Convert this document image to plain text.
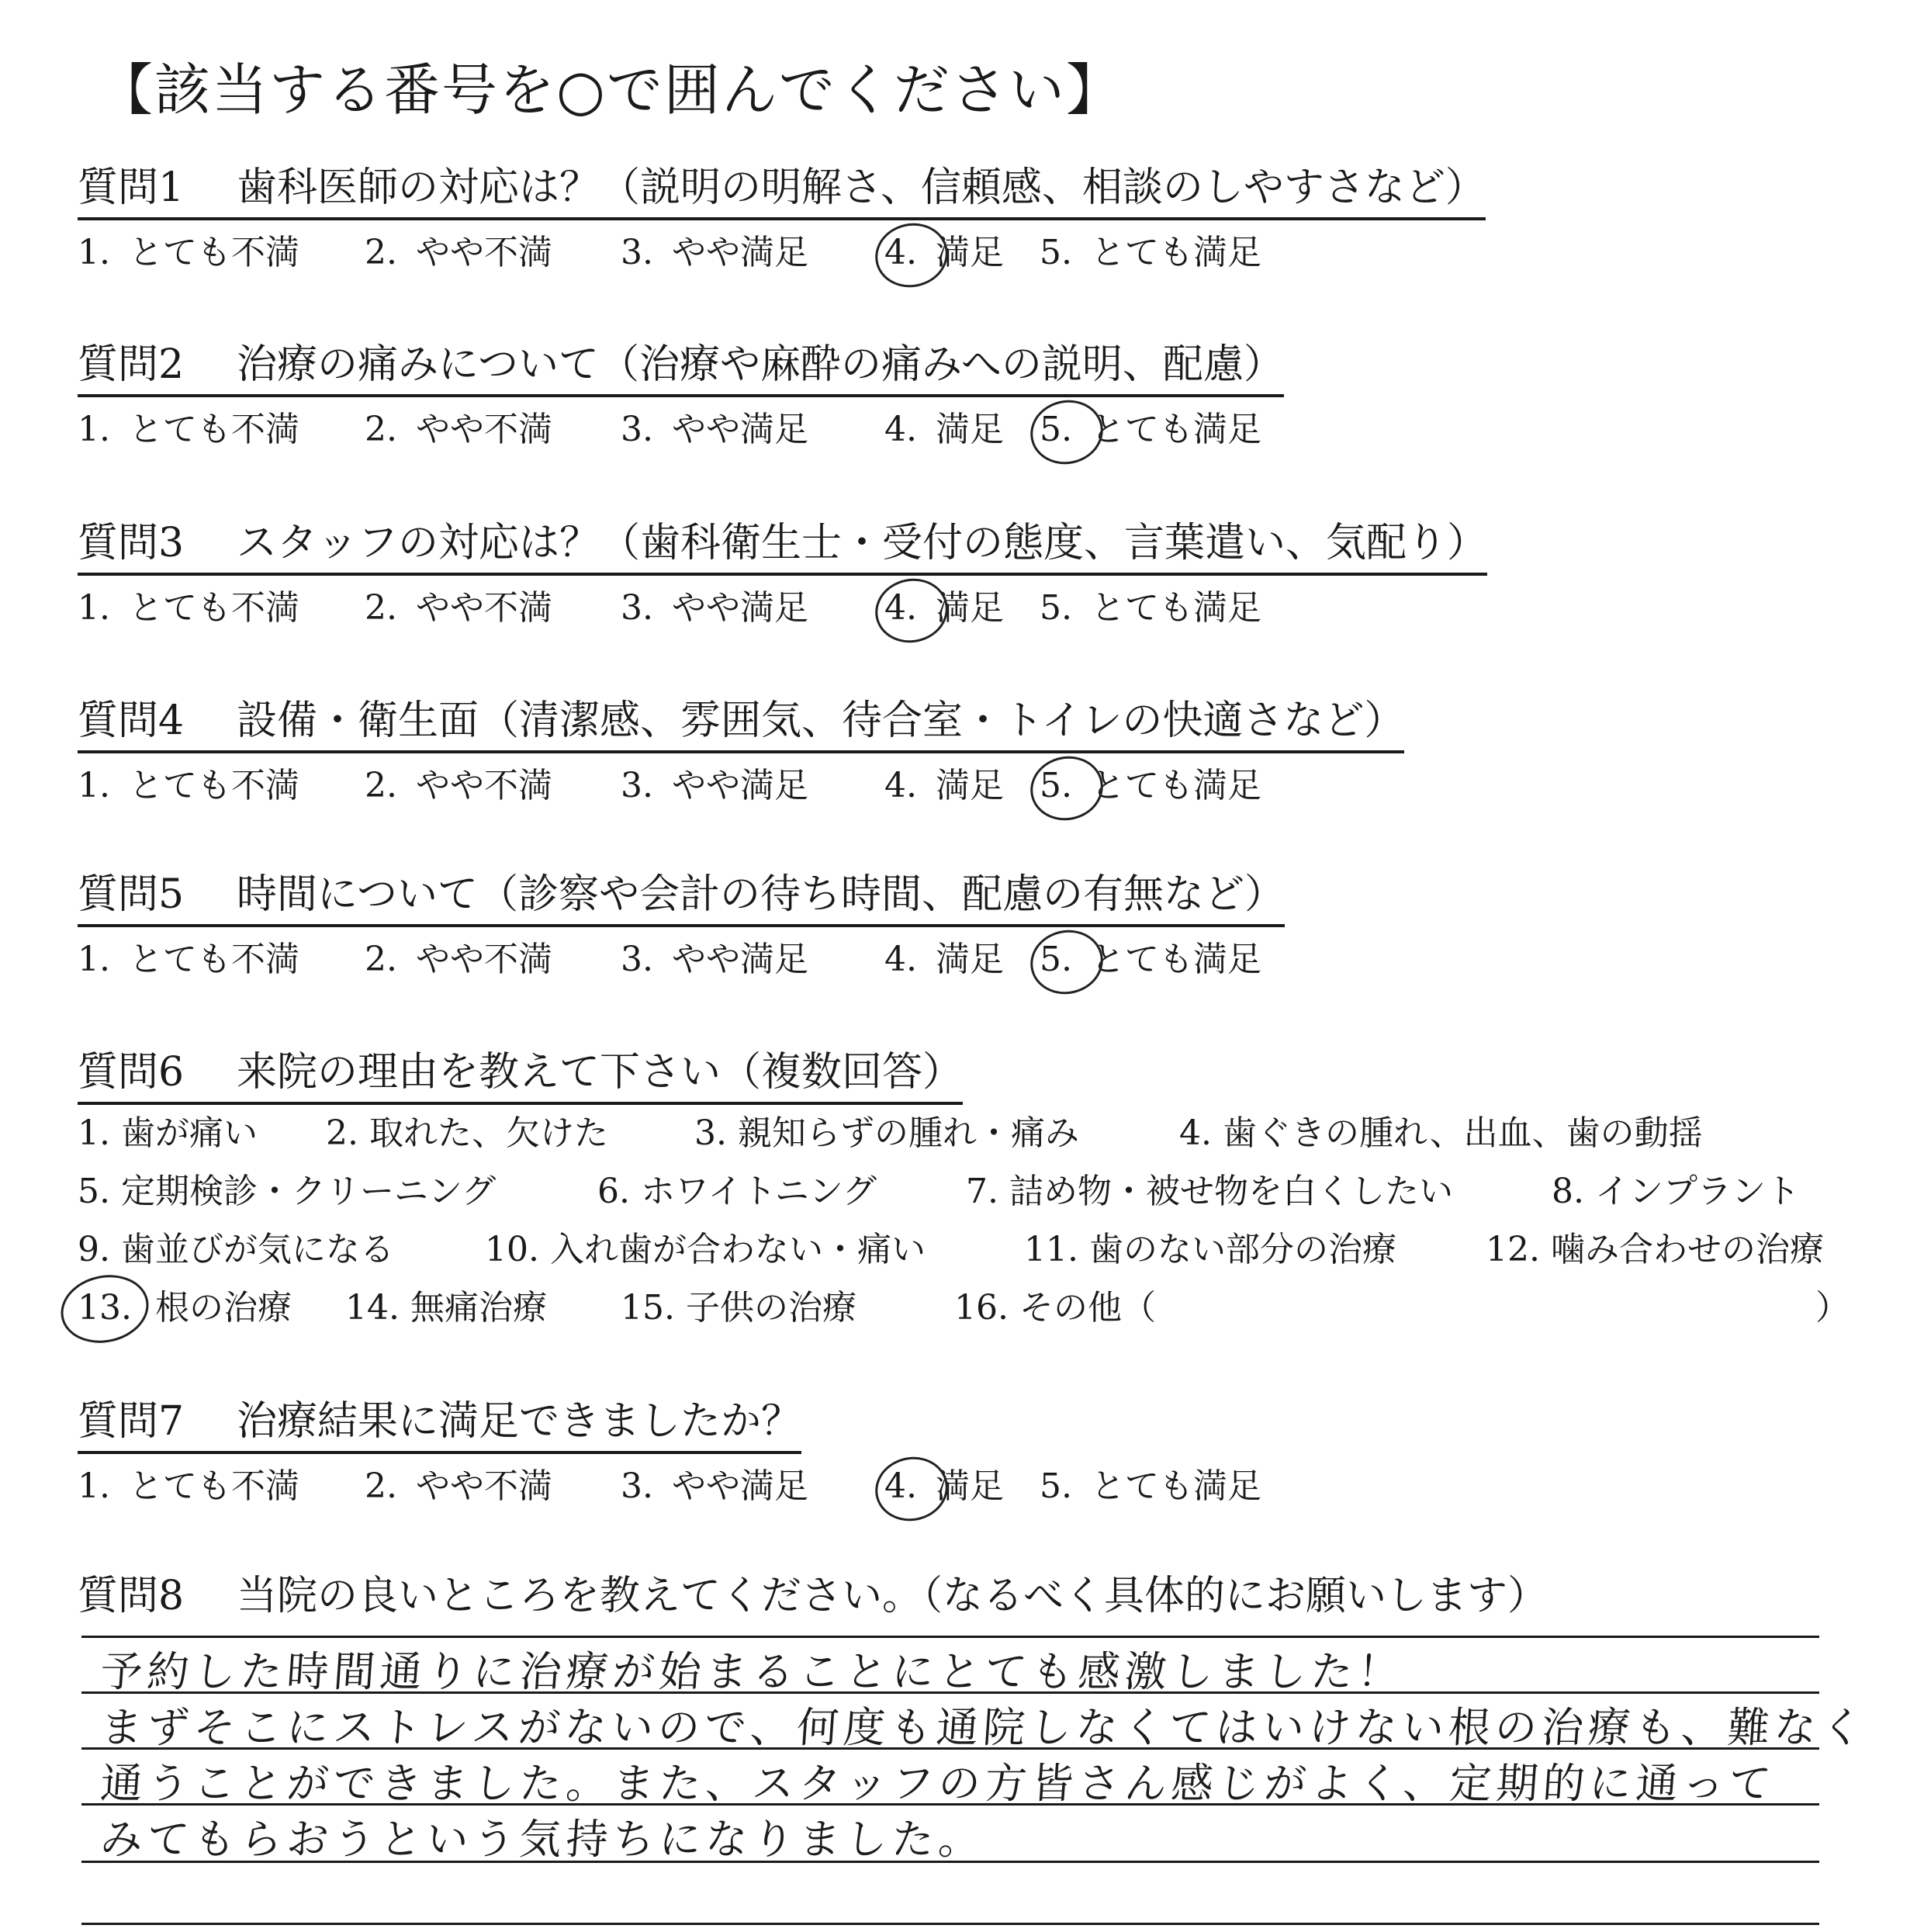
【該当する番号を○で囲んでください】
質問1 歯科医師の対応は？（説明の明解さ、信頼感、相談のしやすさなど）
1. とても不満 2. やや不満 3. やや満足 4. 満足 5. とても満足
質問2 治療の痛みについて（治療や麻酔の痛みへの説明、配慮）
1. とても不満 2. やや不満 3. やや満足 4. 満足 5. とても満足
質問3 スタッフの対応は？（歯科衛生士・受付の態度、言葉遣い、気配り）
1. とても不満 2. やや不満 3. やや満足 4. 満足 5. とても満足
質問4 設備・衛生面（清潔感、雰囲気、待合室・トイレの快適さなど）
1. とても不満 2. やや不満 3. やや満足 4. 満足 5. とても満足
質問5 時間について（診察や会計の待ち時間、配慮の有無など）
1. とても不満 2. やや不満 3. やや満足 4. 満足 5. とても満足
質問6 来院の理由を教えて下さい（複数回答）
1. 歯が痛い 2. 取れた、欠けた	3. 親知らずの腫れ・痛み	4. 歯ぐきの腫れ、出血、歯の動揺
5. 定期検診・クリーニング	6. ホワイトニング	7. 詰め物・被せ物を白くしたい	8. インプラント
9. 歯並びが気になる	10. 入れ歯が合わない・痛い	11. 歯のない部分の治療	12. 噛み合わせの治療
13. 根の治療 14. 無痛治療 15. 子供の治療	16. その他（	）
質問7 治療結果に満足できましたか？
1. とても不満 2. やや不満 3. やや満足 4. 満足 5. とても満足
質問8 当院の良いところを教えてください。（なるべく具体的にお願いします）
予約した時間通りに治療が始まることにとても感激しました！
まずそこにストレスがないので、何度も通院しなくてはいけない根の治療も、難なく
通うことができました。また、スタッフの方皆さん感じがよく、定期的に通って
みてもらおうという気持ちになりました。
